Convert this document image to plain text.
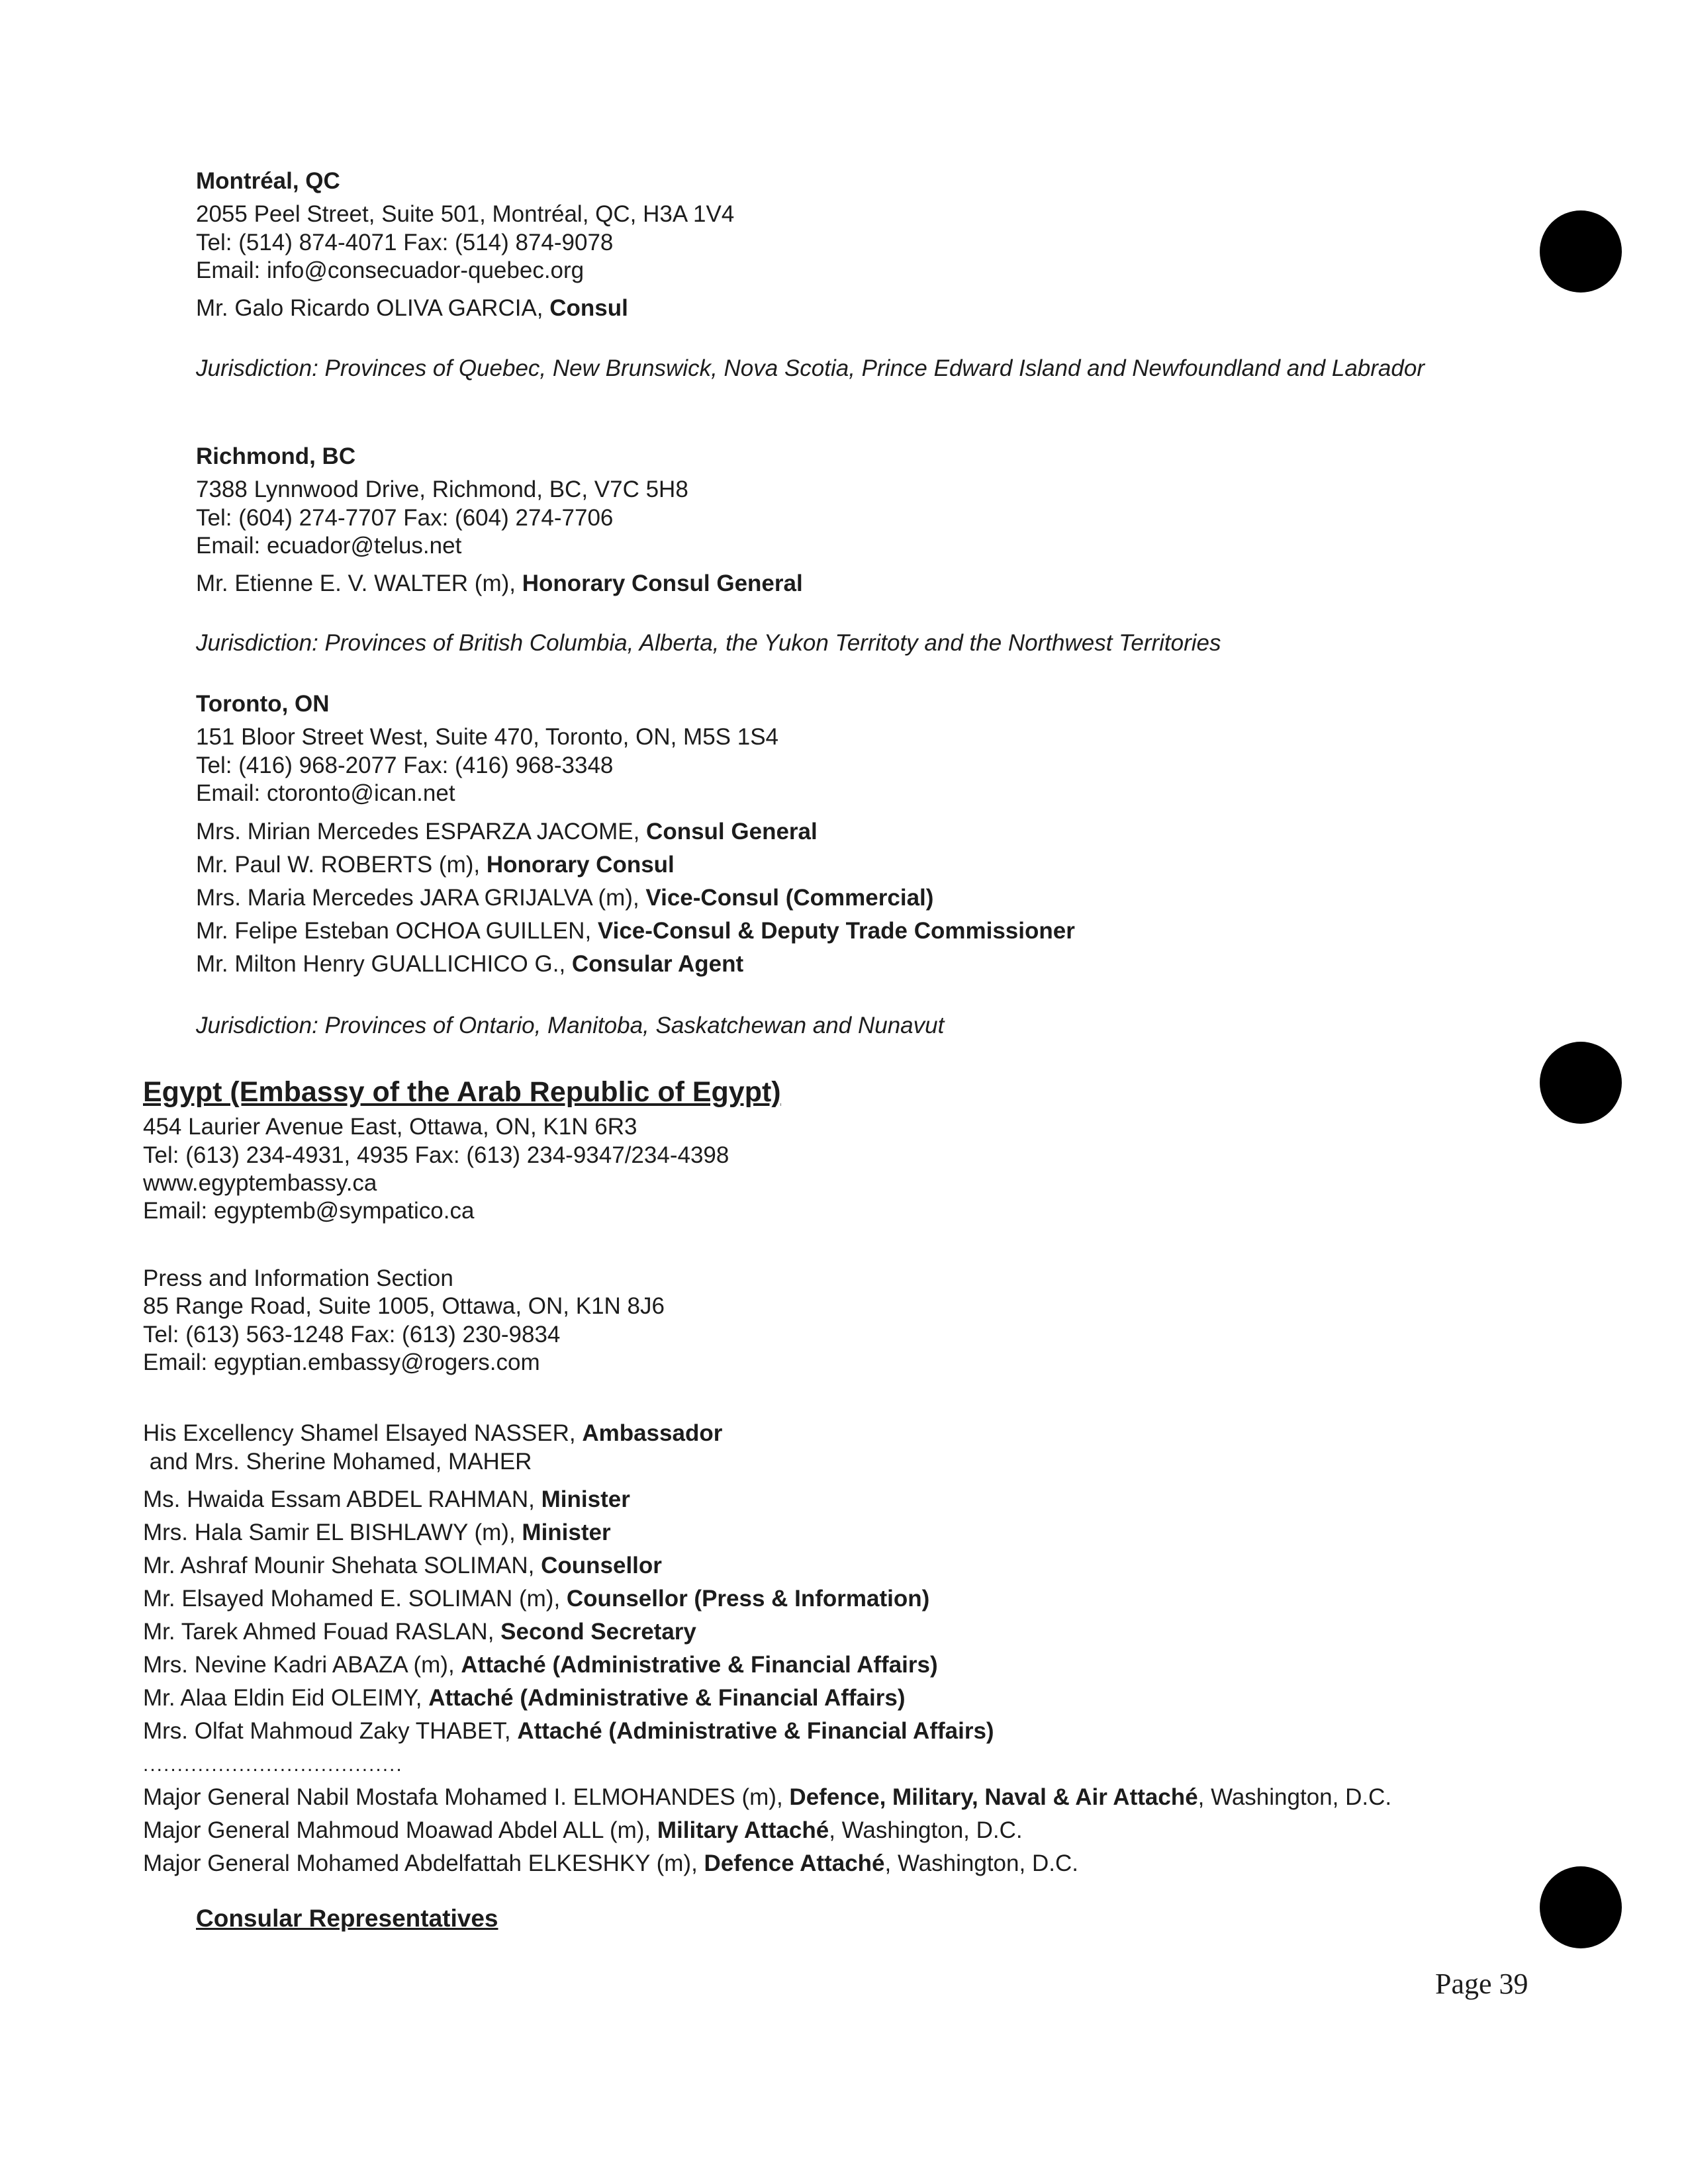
Montréal, QC
2055 Peel Street, Suite 501, Montréal, QC, H3A 1V4
Tel: (514) 874-4071 Fax: (514) 874-9078
Email: info@consecuador-quebec.org
Mr. Galo Ricardo OLIVA GARCIA, Consul
Jurisdiction: Provinces of Quebec, New Brunswick, Nova Scotia, Prince Edward Island and Newfoundland and Labrador
Richmond, BC
7388 Lynnwood Drive, Richmond, BC, V7C 5H8
Tel: (604) 274-7707 Fax: (604) 274-7706
Email: ecuador@telus.net
Mr. Etienne E. V. WALTER (m), Honorary Consul General
Jurisdiction: Provinces of British Columbia, Alberta, the Yukon Territoty and the Northwest Territories
Toronto, ON
151 Bloor Street West, Suite 470, Toronto, ON, M5S 1S4
Tel: (416) 968-2077 Fax: (416) 968-3348
Email: ctoronto@ican.net
Mrs. Mirian Mercedes ESPARZA JACOME, Consul General
Mr. Paul W. ROBERTS (m), Honorary Consul
Mrs. Maria Mercedes JARA GRIJALVA (m), Vice-Consul (Commercial)
Mr. Felipe Esteban OCHOA GUILLEN, Vice-Consul & Deputy Trade Commissioner
Mr. Milton Henry GUALLICHICO G., Consular Agent
Jurisdiction: Provinces of Ontario, Manitoba, Saskatchewan and Nunavut
Egypt (Embassy of the Arab Republic of Egypt)
454 Laurier Avenue East, Ottawa, ON, K1N 6R3
Tel: (613) 234-4931, 4935 Fax: (613) 234-9347/234-4398
www.egyptembassy.ca
Email: egyptemb@sympatico.ca
Press and Information Section
85 Range Road, Suite 1005, Ottawa, ON, K1N 8J6
Tel: (613) 563-1248 Fax: (613) 230-9834
Email: egyptian.embassy@rogers.com
His Excellency Shamel Elsayed NASSER, Ambassador
and Mrs. Sherine Mohamed, MAHER
Ms. Hwaida Essam ABDEL RAHMAN, Minister
Mrs. Hala Samir EL BISHLAWY (m), Minister
Mr. Ashraf Mounir Shehata SOLIMAN, Counsellor
Mr. Elsayed Mohamed E. SOLIMAN (m), Counsellor (Press & Information)
Mr. Tarek Ahmed Fouad RASLAN, Second Secretary
Mrs. Nevine Kadri ABAZA (m), Attaché (Administrative & Financial Affairs)
Mr. Alaa Eldin Eid OLEIMY, Attaché (Administrative & Financial Affairs)
Mrs. Olfat Mahmoud Zaky THABET, Attaché (Administrative & Financial Affairs)
......................................
Major General Nabil Mostafa Mohamed I. ELMOHANDES (m), Defence, Military, Naval & Air Attaché, Washington, D.C.
Major General Mahmoud Moawad Abdel ALL (m), Military Attaché, Washington, D.C.
Major General Mohamed Abdelfattah ELKESHKY (m), Defence Attaché, Washington, D.C.
Consular Representatives
Page 39
